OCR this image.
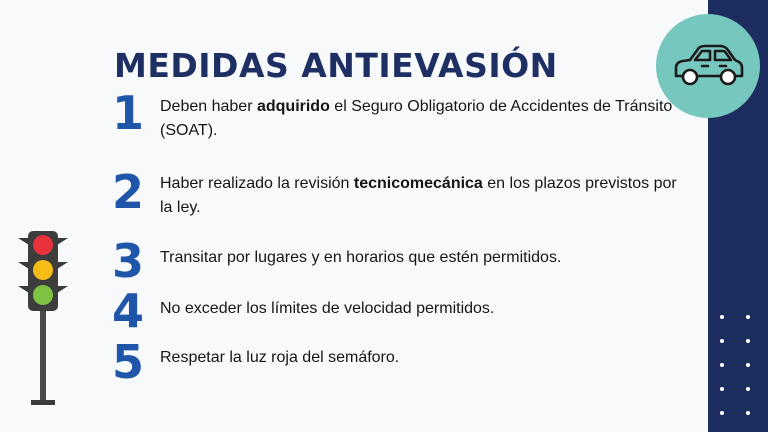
MEDIDAS ANTIEVASIÓN
1 Deben haber adquirido el Seguro Obligatorio de Accidentes de Tránsito (SOAT).
2 Haber realizado la revisión tecnicomecánica en los plazos previstos por la ley.
3 Transitar por lugares y en horarios que estén permitidos.
4 No exceder los límites de velocidad permitidos.
5 Respetar la luz roja del semáforo.
